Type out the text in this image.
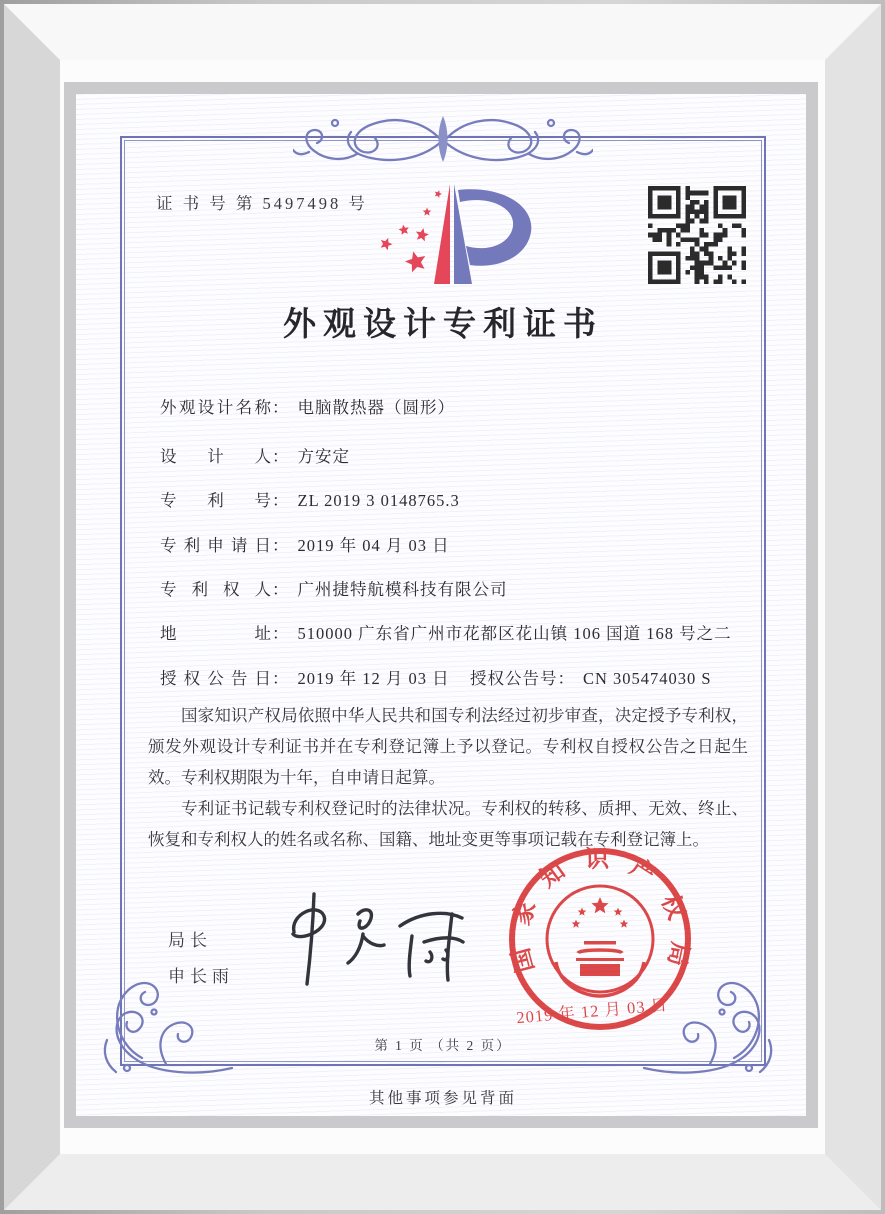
证 书 号 第 5497498 号
外观设计专利证书
外观设计名称： 电脑散热器（圆形）
设计人： 方安定
专利号： ZL 2019 3 0148765.3
专利申请日： 2019 年 04 月 03 日
专利权人： 广州捷特航模科技有限公司
地址： 510000 广东省广州市花都区花山镇 106 国道 168 号之二
授权公告日： 2019 年 12 月 03 日 授权公告号： CN 305474030 S

国家知识产权局依照中华人民共和国专利法经过初步审查，决定授予专利权，颁发外观设计专利证书并在专利登记簿上予以登记。专利权自授权公告之日起生效。专利权期限为十年，自申请日起算。

专利证书记载专利权登记时的法律状况。专利权的转移、质押、无效、终止、恢复和专利权人的姓名或名称、国籍、地址变更等事项记载在专利登记簿上。

局长
申长雨
国家知识产权局
2019 年 12 月 03 日
第 1 页 （共 2 页）
其他事项参见背面
